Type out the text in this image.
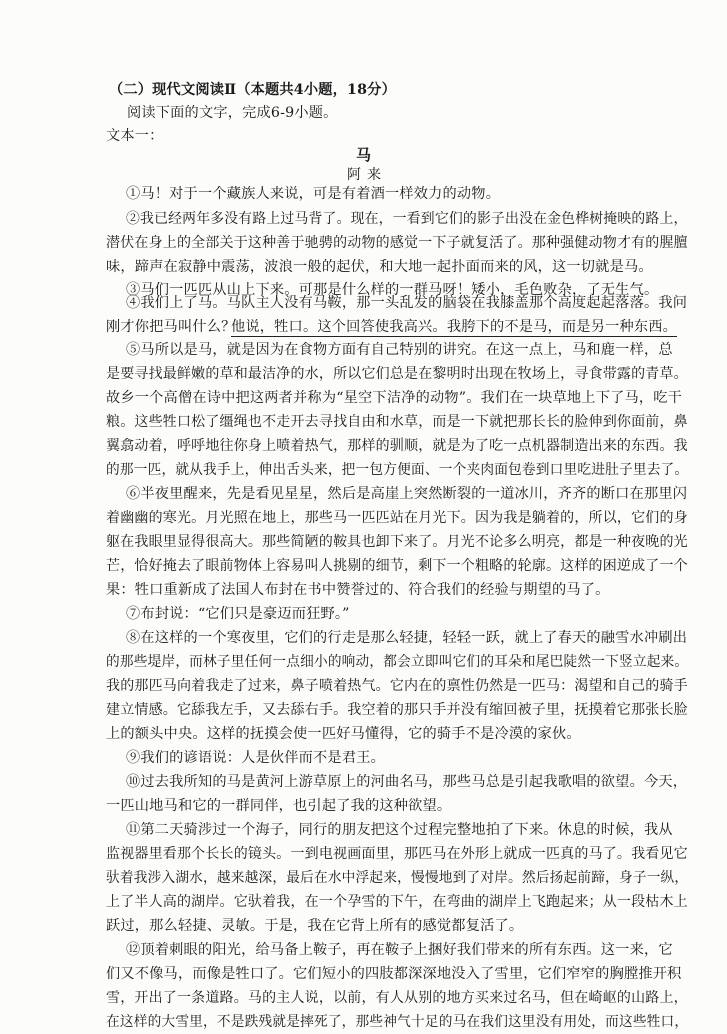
（二）现代文阅读Ⅱ（本题共4小题，18分）
阅读下面的文字，完成6-9小题。
文本一：
马
阿来
①马！对于一个藏族人来说，可是有着酒一样效力的动物。
②我已经两年多没有路上过马背了。现在，一看到它们的影子出没在金色桦树掩映的路上，
潜伏在身上的全部关于这种善于驰骋的动物的感觉一下子就复活了。那种强健动物才有的腥膻
味，蹄声在寂静中震荡，波浪一般的起伏，和大地一起扑面而来的风，这一切就是马。
③马们一匹匹从山上下来。可那是什么样的一群马呀！矮小，毛色败杂，了无生气。
④我们上了马。马队主人没有马鞍，那一头乱发的脑袋在我膝盖那个高度起起落落。我问
刚才你把马叫什么？
他说，牲口。这个回答使我高兴。我胯下的不是马，而是另一种东西。
⑤马所以是马，就是因为在食物方面有自己特别的讲究。在这一点上，马和鹿一样，总
是要寻找最鲜嫩的草和最洁净的水，所以它们总是在黎明时出现在牧场上，寻食带露的青草。
故乡一个高僧在诗中把这两者并称为“星空下洁净的动物”。我们在一块草地上下了马，吃干
粮。这些牲口松了缰绳也不走开去寻找自由和水草，而是一下就把那长长的脸伸到你面前，鼻
翼翕动着，呼呼地往你身上喷着热气，那样的驯顺，就是为了吃一点机器制造出来的东西。我
的那一匹，就从我手上，伸出舌头来，把一包方便面、一个夹肉面包卷到口里吃进肚子里去了。
⑥半夜里醒来，先是看见星星，然后是高崖上突然断裂的一道冰川，齐齐的断口在那里闪
着幽幽的寒光。月光照在地上，那些马一匹匹站在月光下。因为我是躺着的，所以，它们的身
躯在我眼里显得很高大。那些简陋的鞍具也卸下来了。月光不论多么明亮，都是一种夜晚的光
芒，恰好掩去了眼前物体上容易叫人挑剔的细节，剩下一个粗略的轮廓。这样的困逆成了一个
果：牲口重新成了法国人布封在书中赞誉过的、符合我们的经验与期望的马了。
⑦布封说：“它们只是豪迈而狂野。”
⑧在这样的一个寒夜里，它们的行走是那么轻捷，轻轻一跃，就上了春天的融雪水冲刷出
的那些堤岸，而林子里任何一点细小的响动，都会立即叫它们的耳朵和尾巴陡然一下竖立起来。
我的那匹马向着我走了过来，鼻子喷着热气。它内在的禀性仍然是一匹马：渴望和自己的骑手
建立情感。它舔我左手，又去舔右手。我空着的那只手并没有缩回被子里，抚摸着它那张长脸
上的额头中央。这样的抚摸会使一匹好马懂得，它的骑手不是冷漠的家伙。
⑨我们的谚语说：人是伙伴而不是君王。
⑩过去我所知的马是黄河上游草原上的河曲名马，那些马总是引起我歌唱的欲望。今天，
一匹山地马和它的一群同伴，也引起了我的这种欲望。
⑪第二天骑涉过一个海子，同行的朋友把这个过程完整地拍了下来。休息的时候，我从
监视器里看那个长长的镜头。一到电视画面里，那匹马在外形上就成一匹真的马了。我看见它
驮着我涉入湖水，越来越深，最后在水中浮起来，慢慢地到了对岸。然后扬起前蹄，身子一纵，
上了半人高的湖岸。它驮着我，在一个孕雪的下午，在弯曲的湖岸上飞跑起来；从一段枯木上
跃过，那么轻捷、灵敏。于是，我在它背上所有的感觉都复活了。
⑫顶着刺眼的阳光，给马备上鞍子，再在鞍子上捆好我们带来的所有东西。这一来，它
们又不像马，而像是牲口了。它们短小的四肢都深深地没入了雪里，它们窄窄的胸膛推开积
雪，开出了一条道路。马的主人说，以前，有人从别的地方买来过名马，但在崎岖的山路上，
在这样的大雪里，不是跌残就是摔死了，那些神气十足的马在我们这里没有用处，而这些牲口，
